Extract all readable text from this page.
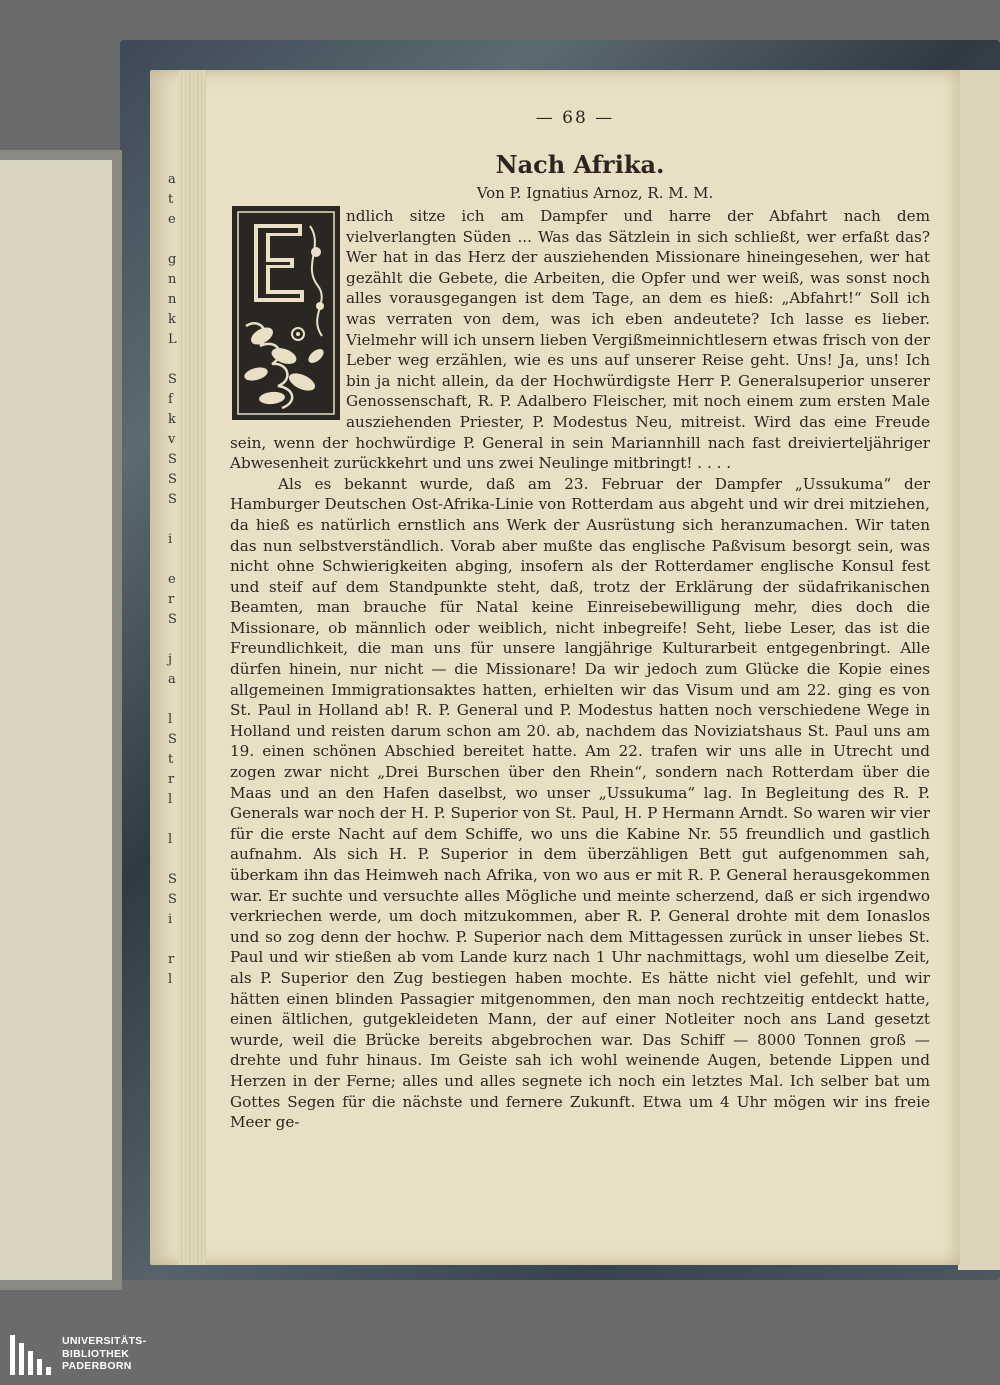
— 68 —
Nach Afrika.
Von P. Ignatius Arnoz, R. M. M.

ndlich sitze ich am Dampfer und harre der Abfahrt nach dem vielverlangten Süden ... Was das Sätzlein in sich schließt, wer erfaßt das? Wer hat in das Herz der ausziehenden Missionare hineingesehen, wer hat gezählt die Gebete, die Arbeiten, die Opfer und wer weiß, was sonst noch alles vorausgegangen ist dem Tage, an dem es hieß: „Abfahrt!“ Soll ich was verraten von dem, was ich eben andeutete? Ich lasse es lieber. Vielmehr will ich unsern lieben Vergißmeinnichtlesern etwas frisch von der Leber weg erzählen, wie es uns auf unserer Reise geht. Uns! Ja, uns! Ich bin ja nicht allein, da der Hochwürdigste Herr P. Generalsuperior unserer Genossenschaft, R. P. Adalbero Fleischer, mit noch einem zum ersten Male ausziehenden Priester, P. Modestus Neu, mitreist. Wird das eine Freude sein, wenn der hochwürdige P. General in sein Mariannhill nach fast dreivierteljähriger Abwesenheit zurückkehrt und uns zwei Neulinge mitbringt! . . . .

Als es bekannt wurde, daß am 23. Februar der Dampfer „Ussukuma“ der Hamburger Deutschen Ost-Afrika-Linie von Rotterdam aus abgeht und wir drei mitziehen, da hieß es natürlich ernstlich ans Werk der Ausrüstung sich heranzumachen. Wir taten das nun selbstverständlich. Vorab aber mußte das englische Paßvisum besorgt sein, was nicht ohne Schwierigkeiten abging, insofern als der Rotterdamer englische Konsul fest und steif auf dem Standpunkte steht, daß, trotz der Erklärung der südafrikanischen Beamten, man brauche für Natal keine Einreisebewilligung mehr, dies doch die Missionare, ob männlich oder weiblich, nicht inbegreife! Seht, liebe Leser, das ist die Freundlichkeit, die man uns für unsere langjährige Kulturarbeit entgegenbringt. Alle dürfen hinein, nur nicht — die Missionare! Da wir jedoch zum Glücke die Kopie eines allgemeinen Immigrationsaktes hatten, erhielten wir das Visum und am 22. ging es von St. Paul in Holland ab! R. P. General und P. Modestus hatten noch verschiedene Wege in Holland und reisten darum schon am 20. ab, nachdem das Noviziatshaus St. Paul uns am 19. einen schönen Abschied bereitet hatte. Am 22. trafen wir uns alle in Utrecht und zogen zwar nicht „Drei Burschen über den Rhein“, sondern nach Rotterdam über die Maas und an den Hafen daselbst, wo unser „Ussukuma“ lag. In Begleitung des R. P. Generals war noch der H. P. Superior von St. Paul, H. P Hermann Arndt. So waren wir vier für die erste Nacht auf dem Schiffe, wo uns die Kabine Nr. 55 freundlich und gastlich aufnahm. Als sich H. P. Superior in dem überzähligen Bett gut aufgenommen sah, überkam ihn das Heimweh nach Afrika, von wo aus er mit R. P. General herausgekommen war. Er suchte und versuchte alles Mögliche und meinte scherzend, daß er sich irgendwo verkriechen werde, um doch mitzukommen, aber R. P. General drohte mit dem Ionaslos und so zog denn der hochw. P. Superior nach dem Mittagessen zurück in unser liebes St. Paul und wir stießen ab vom Lande kurz nach 1 Uhr nachmittags, wohl um dieselbe Zeit, als P. Superior den Zug bestiegen haben mochte. Es hätte nicht viel gefehlt, und wir hätten einen blinden Passagier mitgenommen, den man noch rechtzeitig entdeckt hatte, einen ältlichen, gutgekleideten Mann, der auf einer Notleiter noch ans Land gesetzt wurde, weil die Brücke bereits abgebrochen war. Das Schiff — 8000 Tonnen groß — drehte und fuhr hinaus. Im Geiste sah ich wohl weinende Augen, betende Lippen und Herzen in der Ferne; alles und alles segnete ich noch ein letztes Mal. Ich selber bat um Gottes Segen für die nächste und fernere Zukunft. Etwa um 4 Uhr mögen wir ins freie Meer ge-

a
t
e

g
n
n
k
L

S
f
k
v
S
S
S

i

e
r
S

j
a

l
S
t
r
l

l

S
S
i

r
l
UNIVERSITÄTS-
BIBLIOTHEK
PADERBORN
